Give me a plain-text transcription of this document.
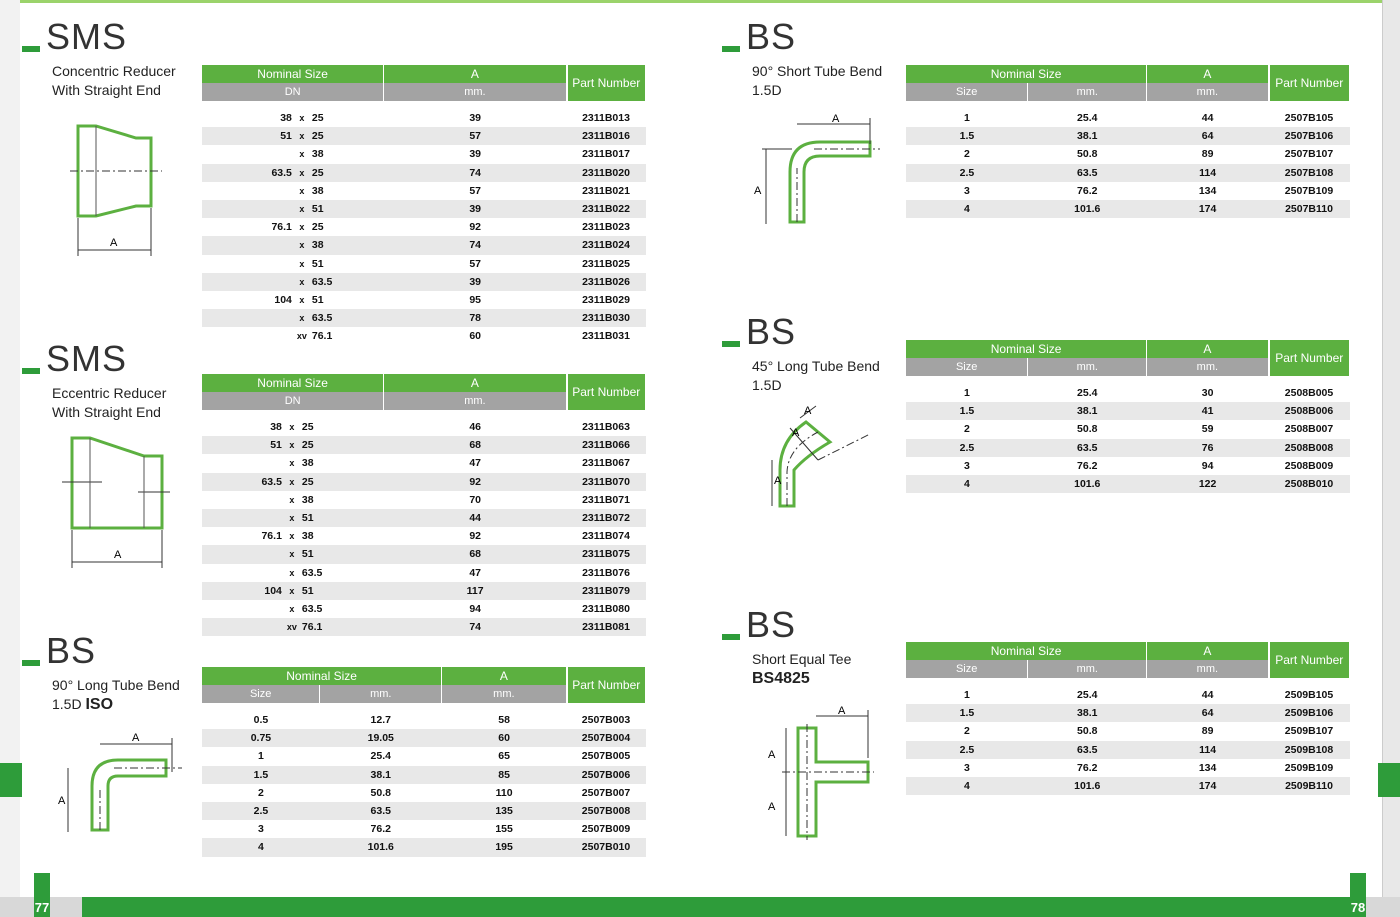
77	78
SMS
Concentric Reducer
With Straight End
A
Nominal Size			A	Part Number
DN			mm.	

38	x	25	39	2311B013
51	x	25	57	2311B016
	x	38	39	2311B017
63.5	x	25	74	2311B020
	x	38	57	2311B021
	x	51	39	2311B022
76.1	x	25	92	2311B023
	x	38	74	2311B024
	x	51	57	2311B025
	x	63.5	39	2311B026
104	x	51	95	2311B029
	x	63.5	78	2311B030
	xv	76.1	60	2311B031
SMS
Eccentric Reducer
With Straight End
A
Nominal Size			A	Part Number
DN			mm.	

38	x	25	46	2311B063
51	x	25	68	2311B066
	x	38	47	2311B067
63.5	x	25	92	2311B070
	x	38	70	2311B071
	x	51	44	2311B072
76.1	x	38	92	2311B074
	x	51	68	2311B075
	x	63.5	47	2311B076
104	x	51	117	2311B079
	x	63.5	94	2311B080
	xv	76.1	74	2311B081
BS
90° Long Tube Bend
1.5D ISO
A
A
Nominal Size		A	Part Number
Size	mm.	mm.	

0.5	12.7	58	2507B003
0.75	19.05	60	2507B004
1	25.4	65	2507B005
1.5	38.1	85	2507B006
2	50.8	110	2507B007
2.5	63.5	135	2507B008
3	76.2	155	2507B009
4	101.6	195	2507B010
BS
90° Short Tube Bend
1.5D
A
A
Nominal Size		A	Part Number
Size	mm.	mm.	

1	25.4	44	2507B105
1.5	38.1	64	2507B106
2	50.8	89	2507B107
2.5	63.5	114	2507B108
3	76.2	134	2507B109
4	101.6	174	2507B110
BS
45° Long Tube Bend
1.5D
A
A
A
Nominal Size		A	Part Number
Size	mm.	mm.	

1	25.4	30	2508B005
1.5	38.1	41	2508B006
2	50.8	59	2508B007
2.5	63.5	76	2508B008
3	76.2	94	2508B009
4	101.6	122	2508B010
BS
Short Equal Tee
BS4825
A
A
A
Nominal Size		A	Part Number
Size	mm.	mm.	

1	25.4	44	2509B105
1.5	38.1	64	2509B106
2	50.8	89	2509B107
2.5	63.5	114	2509B108
3	76.2	134	2509B109
4	101.6	174	2509B110
